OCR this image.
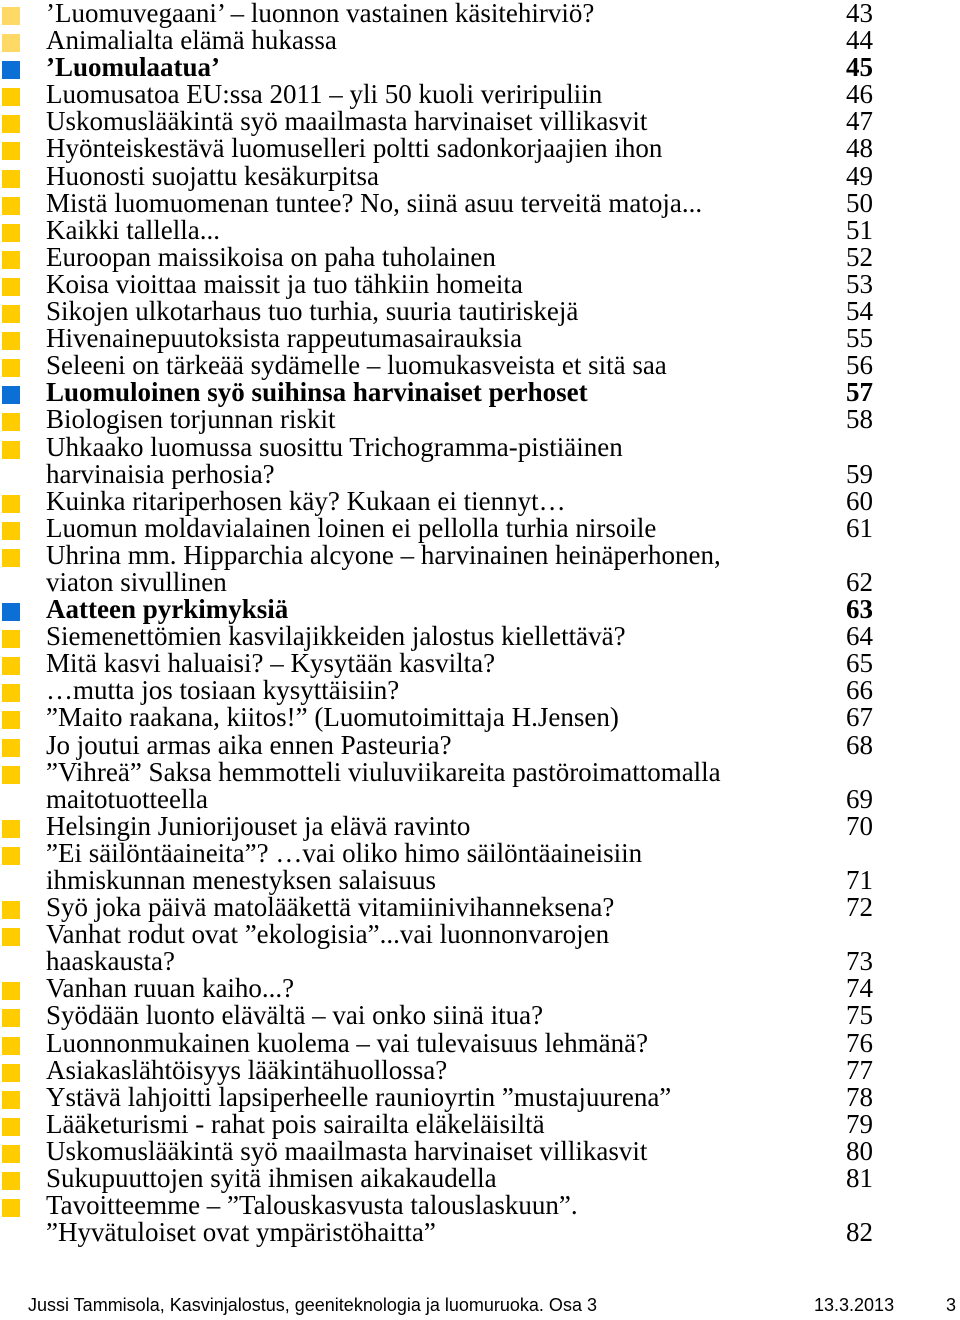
’Luomuvegaani’ – luonnon vastainen käsitehirviö?	43
Animalialta elämä hukassa	44
’Luomulaatua’	45
Luomusatoa EU:ssa 2011 – yli 50 kuoli veriripuliin	46
Uskomuslääkintä syö maailmasta harvinaiset villikasvit	47
Hyönteiskestävä luomuselleri poltti sadonkorjaajien ihon	48
Huonosti suojattu kesäkurpitsa	49
Mistä luomuomenan tuntee? No, siinä asuu terveitä matoja...	50
Kaikki tallella...	51
Euroopan maissikoisa on paha tuholainen	52
Koisa vioittaa maissit ja tuo tähkiin homeita	53
Sikojen ulkotarhaus tuo turhia, suuria tautiriskejä	54
Hivenainepuutoksista rappeutumasairauksia	55
Seleeni on tärkeää sydämelle – luomukasveista et sitä saa	56
Luomuloinen syö suihinsa harvinaiset perhoset	57
Biologisen torjunnan riskit	58
Uhkaako luomussa suosittu Trichogramma-pistiäinen
harvinaisia perhosia?	59
Kuinka ritariperhosen käy? Kukaan ei tiennyt…	60
Luomun moldavialainen loinen ei pellolla turhia nirsoile	61
Uhrina mm. Hipparchia alcyone – harvinainen heinäperhonen,
viaton sivullinen	62
Aatteen pyrkimyksiä	63
Siemenettömien kasvilajikkeiden jalostus kiellettävä?	64
Mitä kasvi haluaisi? – Kysytään kasvilta?	65
…mutta jos tosiaan kysyttäisiin?	66
”Maito raakana, kiitos!” (Luomutoimittaja H.Jensen)	67
Jo joutui armas aika ennen Pasteuria?	68
”Vihreä” Saksa hemmotteli viuluviikareita pastöroimattomalla
maitotuotteella	69
Helsingin Juniorijouset ja elävä ravinto	70
”Ei säilöntäaineita”? …vai oliko himo säilöntäaineisiin
ihmiskunnan menestyksen salaisuus	71
Syö joka päivä matolääkettä vitamiinivihanneksena?	72
Vanhat rodut ovat ”ekologisia”...vai luonnonvarojen
haaskausta?	73
Vanhan ruuan kaiho...?	74
Syödään luonto elävältä – vai onko siinä itua?	75
Luonnonmukainen kuolema – vai tulevaisuus lehmänä?	76
Asiakaslähtöisyys lääkintähuollossa?	77
Ystävä lahjoitti lapsiperheelle raunioyrtin ”mustajuurena”	78
Lääketurismi - rahat pois sairailta eläkeläisiltä	79
Uskomuslääkintä syö maailmasta harvinaiset villikasvit	80
Sukupuuttojen syitä ihmisen aikakaudella	81
Tavoitteemme – ”Talouskasvusta talouslaskuun”.
”Hyvätuloiset ovat ympäristöhaitta”	82
Jussi Tammisola, Kasvinjalostus, geeniteknologia ja luomuruoka. Osa 3	13.3.2013	3
